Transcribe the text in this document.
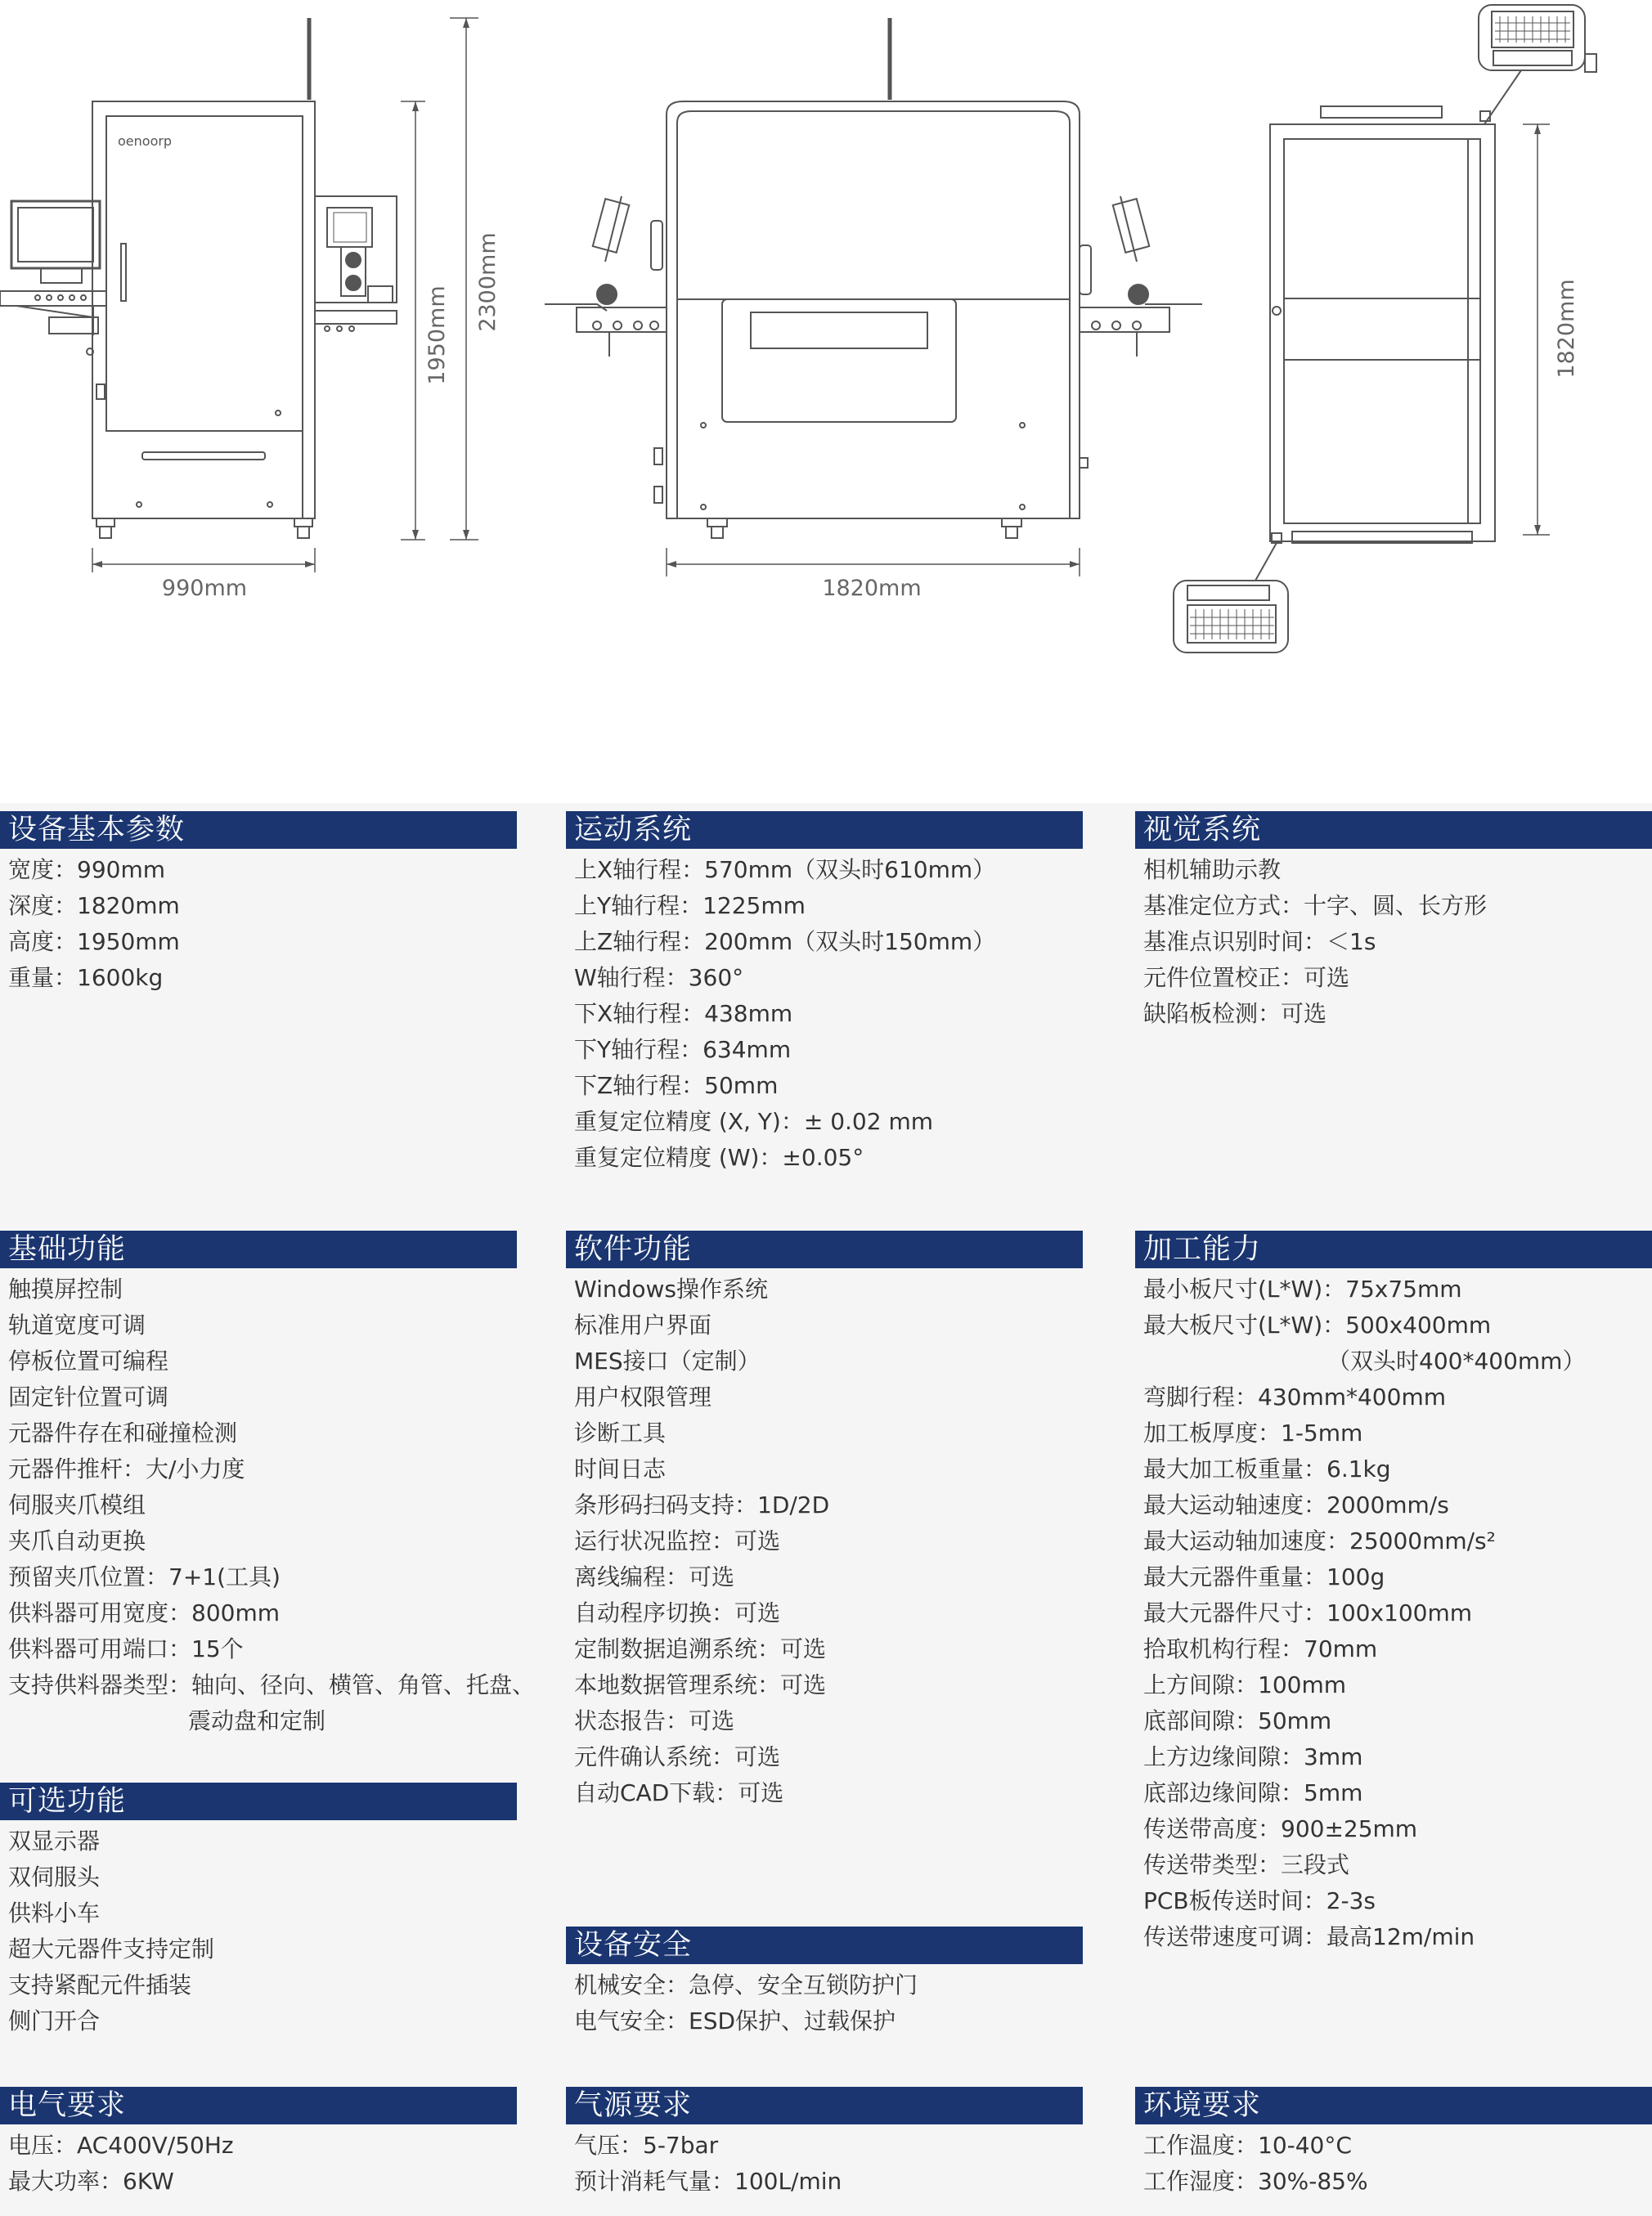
990mm
1950mm
2300mm
oenoorp
1820mm
1820mm
设备基本参数
宽度：990mm
深度：1820mm
高度：1950mm
重量：1600kg
基础功能
触摸屏控制
轨道宽度可调
停板位置可编程
固定针位置可调
元器件存在和碰撞检测
元器件推杆：大/小力度
伺服夹爪模组
夹爪自动更换
预留夹爪位置：7+1(工具)
供料器可用宽度：800mm
供料器可用端口：15个
支持供料器类型：轴向、径向、横管、角管、托盘、
震动盘和定制
可选功能
双显示器
双伺服头
供料小车
超大元器件支持定制
支持紧配元件插装
侧门开合
电气要求
电压：AC400V/50Hz
最大功率：6KW
运动系统
上X轴行程：570mm（双头时610mm）
上Y轴行程：1225mm
上Z轴行程：200mm（双头时150mm）
W轴行程：360°
下X轴行程：438mm
下Y轴行程：634mm
下Z轴行程：50mm
重复定位精度 (X, Y)：± 0.02 mm
重复定位精度 (W)：±0.05°
软件功能
Windows操作系统
标准用户界面
MES接口（定制）
用户权限管理
诊断工具
时间日志
条形码扫码支持：1D/2D
运行状况监控：可选
离线编程：可选
自动程序切换：可选
定制数据追溯系统：可选
本地数据管理系统：可选
状态报告：可选
元件确认系统：可选
自动CAD下载：可选
设备安全
机械安全：急停、安全互锁防护门
电气安全：ESD保护、过载保护
气源要求
气压：5-7bar
预计消耗气量：100L/min
视觉系统
相机辅助示教
基准定位方式：十字、圆、长方形
基准点识别时间：＜1s
元件位置校正：可选
缺陷板检测：可选
加工能力
最小板尺寸(L*W)：75x75mm
最大板尺寸(L*W)：500x400mm
（双头时400*400mm）
弯脚行程：430mm*400mm
加工板厚度：1-5mm
最大加工板重量：6.1kg
最大运动轴速度：2000mm/s
最大运动轴加速度：25000mm/s²
最大元器件重量：100g
最大元器件尺寸：100x100mm
拾取机构行程：70mm
上方间隙：100mm
底部间隙：50mm
上方边缘间隙：3mm
底部边缘间隙：5mm
传送带高度：900±25mm
传送带类型：三段式
PCB板传送时间：2-3s
传送带速度可调：最高12m/min
环境要求
工作温度：10-40°C
工作湿度：30%-85%
